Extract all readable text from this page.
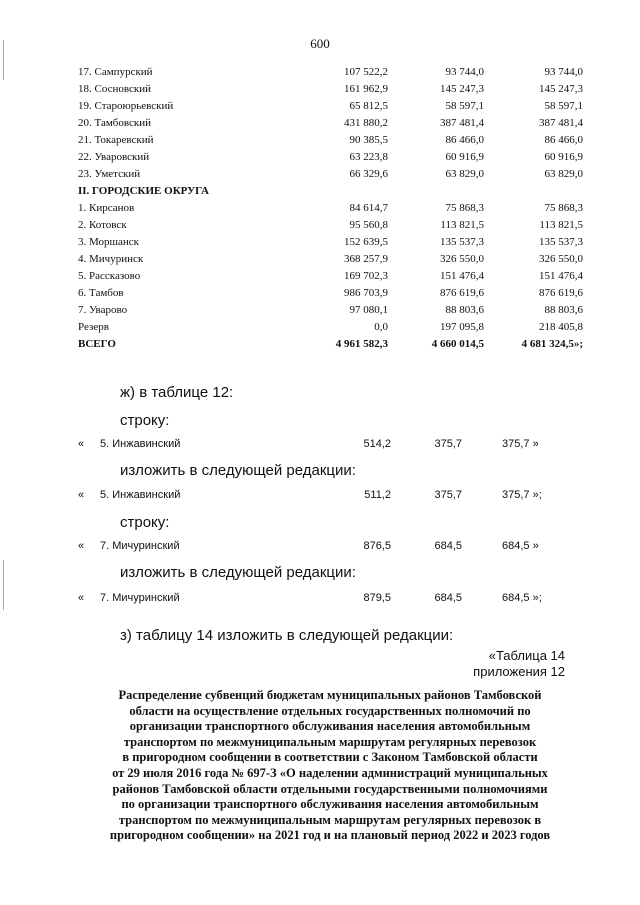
600
17. Сампурский	107 522,2	93 744,0	93 744,0
18. Сосновский	161 962,9	145 247,3	145 247,3
19. Староюрьевский	65 812,5	58 597,1	58 597,1
20. Тамбовский	431 880,2	387 481,4	387 481,4
21. Токаревский	90 385,5	86 466,0	86 466,0
22. Уваровский	63 223,8	60 916,9	60 916,9
23. Уметский	66 329,6	63 829,0	63 829,0
II. ГОРОДСКИЕ ОКРУГА			
1. Кирсанов	84 614,7	75 868,3	75 868,3
2. Котовск	95 560,8	113 821,5	113 821,5
3. Моршанск	152 639,5	135 537,3	135 537,3
4. Мичуринск	368 257,9	326 550,0	326 550,0
5. Рассказово	169 702,3	151 476,4	151 476,4
6. Тамбов	986 703,9	876 619,6	876 619,6
7. Уварово	97 080,1	88 803,6	88 803,6
Резерв	0,0	197 095,8	218 405,8
ВСЕГО	4 961 582,3	4 660 014,5	4 681 324,5»;
ж) в таблице 12:
строку:
« 5. Инжавинский	514,2	375,7	375,7 »
изложить в следующей редакции:
« 5. Инжавинский	511,2	375,7	375,7 »;
строку:
« 7. Мичуринский	876,5	684,5	684,5 »
изложить в следующей редакции:
« 7. Мичуринский	879,5	684,5	684,5 »;
з) таблицу 14 изложить в следующей редакции:
«Таблица 14
приложения 12
Распределение субвенций бюджетам муниципальных районов Тамбовской
области на осуществление отдельных государственных полномочий по
организации транспортного обслуживания населения автомобильным
транспортом по межмуниципальным маршрутам регулярных перевозок
в пригородном сообщении в соответствии с Законом Тамбовской области
от 29 июля 2016 года № 697-З «О наделении администраций муниципальных
районов Тамбовской области отдельными государственными полномочиями
по организации транспортного обслуживания населения автомобильным
транспортом по межмуниципальным маршрутам регулярных перевозок в
пригородном сообщении» на 2021 год и на плановый период 2022 и 2023 годов
